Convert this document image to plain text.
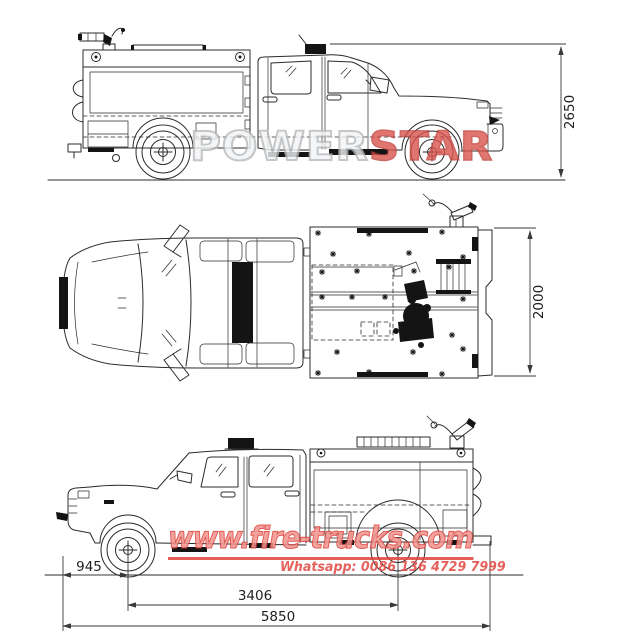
2650
2000
945
3406
5850
POWERSTAR
www.fire-trucks.com
Whatsapp: 0086 136 4729 7999
